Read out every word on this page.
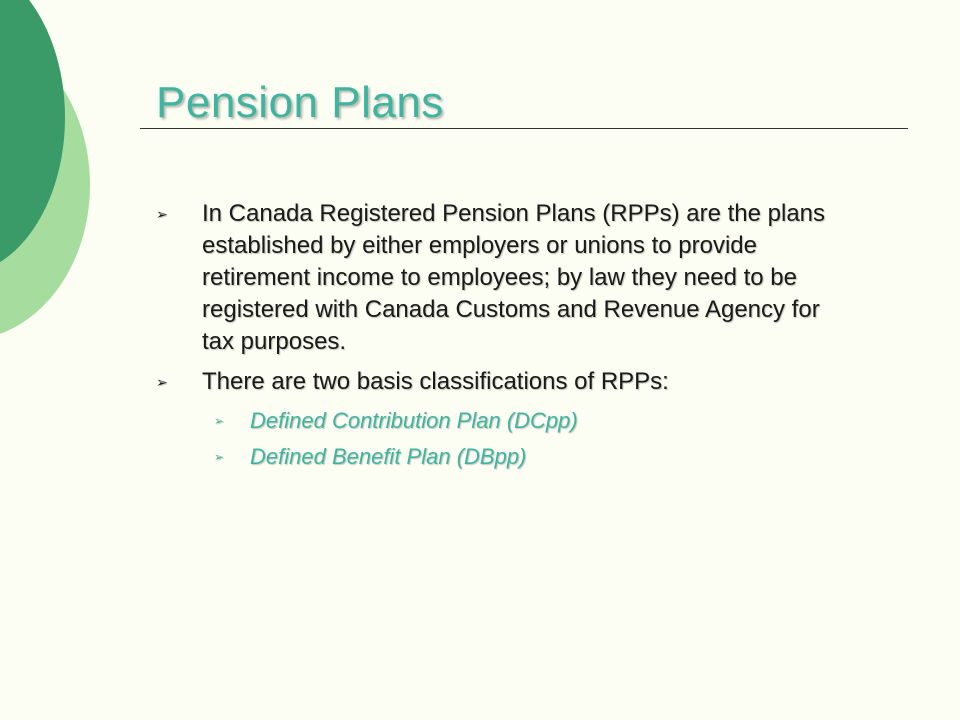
Pension Plans
➢ In Canada Registered Pension Plans (RPPs) are the plans established by either employers or unions to provide retirement income to employees; by law they need to be registered with Canada Customs and Revenue Agency for tax purposes.
➢ There are two basis classifications of RPPs:
➢ Defined Contribution Plan (DCpp)
➢ Defined Benefit Plan (DBpp)
